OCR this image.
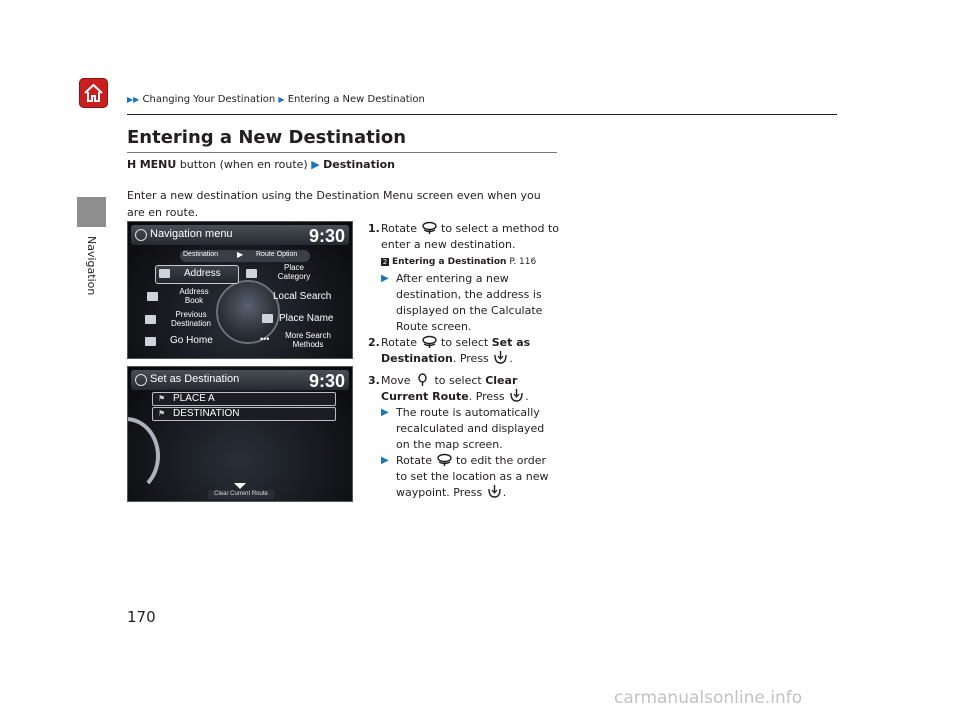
Navigation
▶▶ Changing Your Destination ▶ Entering a New Destination
Entering a New Destination
H MENU button (when en route) ▶ Destination

Enter a new destination using the Destination Menu screen even when you are en route.

Navigation menu	9:30
Destination ▶ Route Option
Address
Place Category
Address Book	Local Search
Previous Destination	Place Name
Go Home	•••	More Search Methods
Set as Destination	9:30
⚑ PLACE A
⚑ DESTINATION
Clear Current Route
1. Rotate  to select a method to enter a new destination.
2 Entering a Destination P. 116
▶ After entering a new destination, the address is displayed on the Calculate Route screen.
2. Rotate  to select Set as Destination. Press .
3. Move  to select Clear Current Route. Press .
▶ The route is automatically recalculated and displayed on the map screen.
▶ Rotate  to edit the order to set the location as a new waypoint. Press .
170
carmanualsonline.info
